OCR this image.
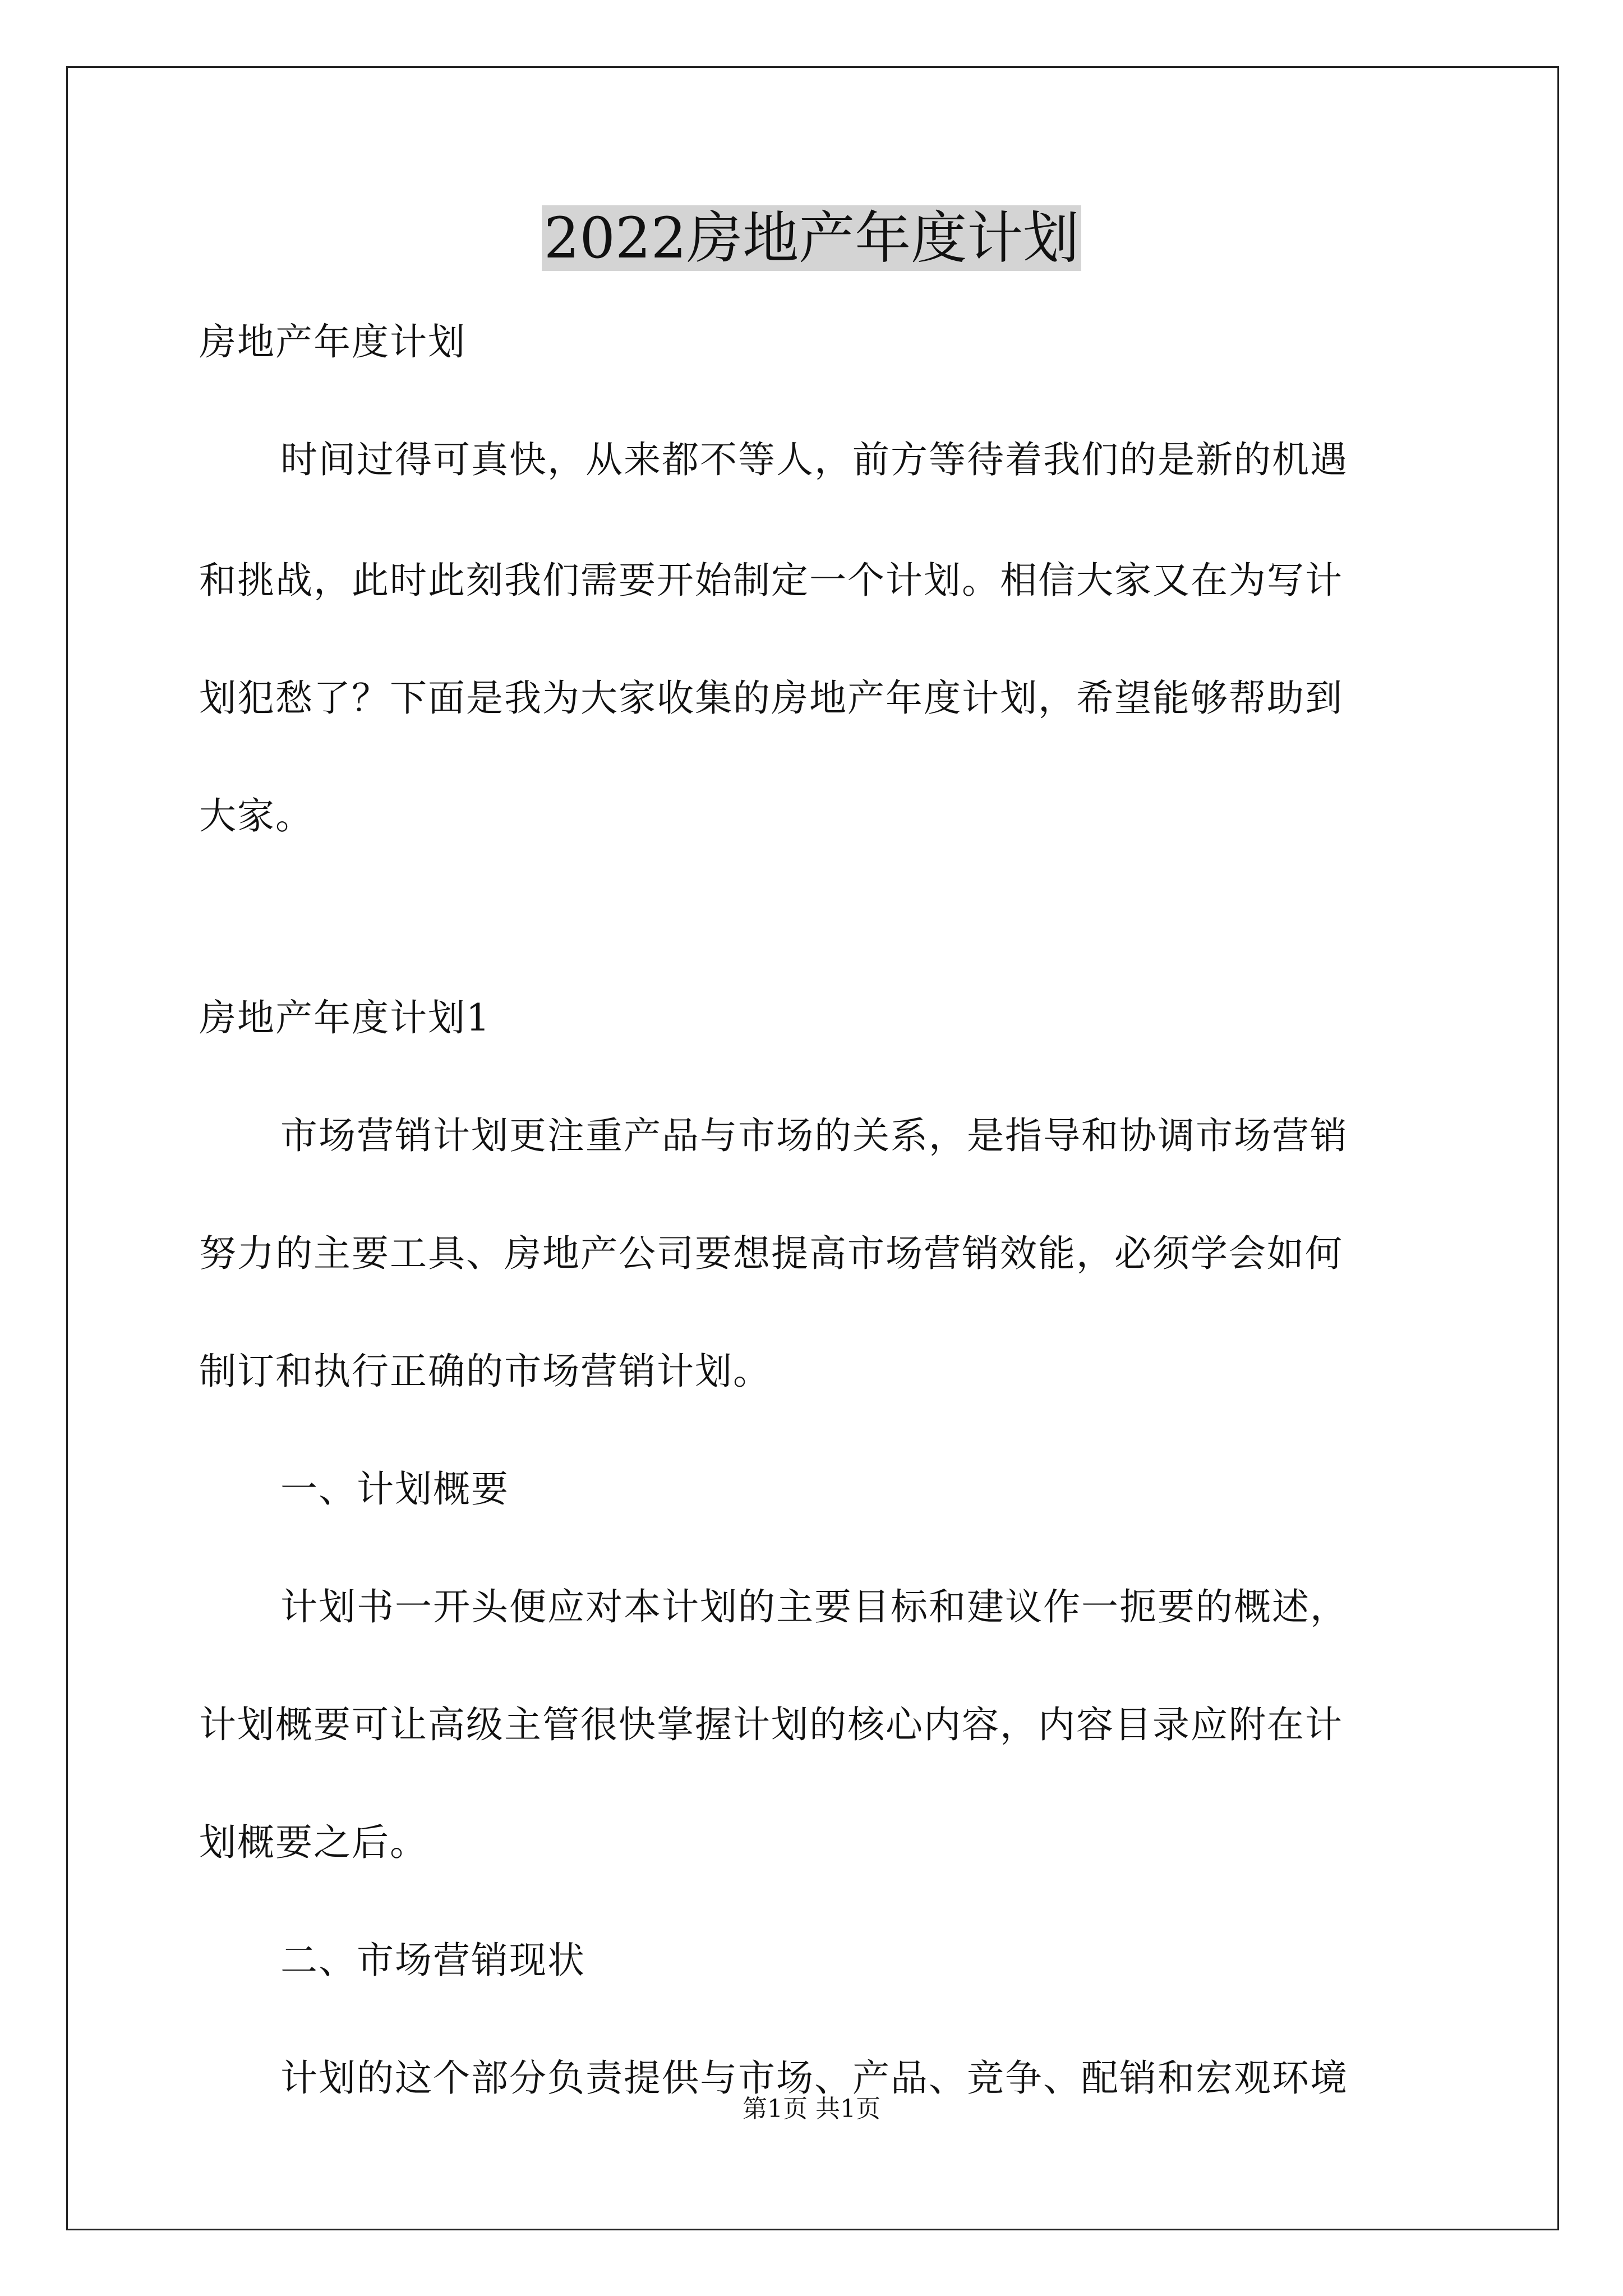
2022房地产年度计划
房地产年度计划
时间过得可真快，从来都不等人，前方等待着我们的是新的机遇
和挑战，此时此刻我们需要开始制定一个计划。相信大家又在为写计
划犯愁了？下面是我为大家收集的房地产年度计划，希望能够帮助到
大家。
房地产年度计划1
市场营销计划更注重产品与市场的关系，是指导和协调市场营销
努力的主要工具、房地产公司要想提高市场营销效能，必须学会如何
制订和执行正确的市场营销计划。
一、计划概要
计划书一开头便应对本计划的主要目标和建议作一扼要的概述，
计划概要可让高级主管很快掌握计划的核心内容，内容目录应附在计
划概要之后。
二、市场营销现状
计划的这个部分负责提供与市场、产品、竞争、配销和宏观环境
第1页 共1页
